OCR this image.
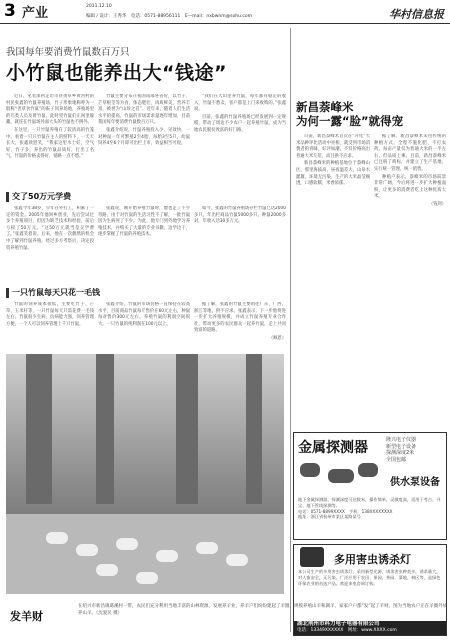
3 产业	2011.12.10
编辑 / 设计：王秀华　电话：0571-88956111　E—mail：nxbwnm@sohu.com	华村信息报
我国每年要消费竹鼠数百万只
小竹鼠也能养出大“钱途”

近日，笔者深初走访市县黄草乡黄河村的村民张鑫的竹鼠养殖场，竹子形象地称呼为一般称“善草食竹鼠”的畜子饲养场地，养殖场里的鸟类人员及黄竹鼠，此时里竹鼠们正闲里躲藏，就连在竹鼠场外面大头的竹鼠也不例外。

在这里，一只竹鼠养殖在了较清高的竹笼中。看着一只只竹鼠在主人的照料下，一天天长大，张鑫欣慰笑，“我家这里水土好，空气好，竹子多，养出的竹鼠品质好，打出了名气，竹鼠的价格卖得好，销路一点不愁。”

竹鼠主要分布在我国南部各省份，以竹子、芒草根茎等为食，体态肥壮，肉质鲜美，营养丰富，被誉为“山珍之首”。近年来，随着人们生活水平的提高，竹鼠的市场需求量逐年增加，目前我国每年要消费竹鼠数百万只。

张鑫介绍说，竹鼠养殖投入少、见效快，一对种鼠一年可繁殖2至4胎，每胎3至5只，幼鼠饲养4至6个月即可出栏上市，效益相当可观。

“我们在大山里养竹鼠，每年都有稳定的收入，竹鼠不愁卖，客户都是上门来收购的。”张鑫说。

目前，张鑫的竹鼠养殖场已经发展到一定规模，带动了周边不少农户一起养殖竹鼠，成为当地农民脱贫致富的好门路。

交了50万元学费

张鑫今年38岁，早年在外打工，积累了一定的资金。2005年他回乡创业，先后尝试过多个养殖项目，但因为缺乏技术和经验，前后亏损了50万元。“这50万元就当是交学费了。”张鑫笑着说。后来，他在一次偶然的机会中了解到竹鼠养殖，经过多方考察后，决定投资养殖竹鼠。

张鑫说，刚开始养殖竹鼠时，他也走了不少弯路，由于对竹鼠的生活习性不了解，一批竹鼠因为生病死了不少。为此，他专门到外地学习养殖技术，并购买了大量的专业书籍，边学边干，逐步掌握了竹鼠的养殖技术。

如今，张鑫的竹鼠养殖场存栏竹鼠已达2000多只，年出栏商品竹鼠5000多只，种鼠2000多对，年收入达30多万元。

一只竹鼠每天只花一毛钱

竹鼠的饲养成本很低，主要吃竹子、芒草、玉米秆等，一只竹鼠每天只需花费一毛钱左右。竹鼠很少生病，抗病能力强，饲养管理方便，一个人可以饲养管理上千只竹鼠。

张鑫介绍，竹鼠的市场价格一直保持在较高水平，目前商品竹鼠每斤售价在60元左右，种鼠每对售价300元左右。养殖竹鼠的利润空间很大，一只竹鼠的纯利润在100元以上。

据了解，张鑫的竹鼠主要销往广东、广西、浙江等地，供不应求。张鑫表示，下一步他将进一步扩大养殖规模，并成立竹鼠养殖专业合作社，带动更多的农民群众一起养竹鼠，走上共同致富的道路。

（顾恩）

新昌萘峰米
为何一露“脸”就得宠

日前，新昌萘峰米首次在“开化”大米品种评比活动中亮相，就受到市场消费者的青睐，好评如潮，不仅价格高出普通大米几倍，而且供不应求。

新昌萘峰米的种植基地位于萘峰山区，那里海拔高，昼夜温差大，山泉水灌溉，环境无污染，生产的大米晶莹剔透，口感软糯，米香浓郁。

据了解，新昌萘峰米采用传统的种植方式，全程不施化肥、不打农药，每亩产量仅为普通大米的一半左右，但品质上乘。目前，新昌萘峰米已注册了商标，并建立了生产基地，实行统一管理，统一销售。

种植户表示，萘峰米的市场前景非常广阔，今后将进一步扩大种植面积，让更多的消费者吃上这种优质大米。

（钱剑）

发羊财
在绍兴市新昌镇葛溪村一带，农民们充分利用当地丰富的山林资源，发展养羊业，养羊户们纷纷建起了羊圈，规模养殖山羊和湖羊，家家户户都“发”起了羊财。图为当地农户正在羊圈外放养山羊。（沈爱民 摄）
金属探测器	隆兴电子仪器
新型电子设备
探测深度2米
全国包邮
供水泵设备
地下金属探测器，探测深度可达数米，操作简单，灵敏度高，适用于考古、寻宝、地下管线探测等。
电话：0571-8899XXXX　手机：138XXXXXXXX
地址：浙江省杭州市某区某路某号
多用害虫诱杀灯
本公司生产的多用害虫诱杀灯，采用新型光源，诱杀害虫种类多，诱杀量大，对人畜安全，无污染。广泛应用于农田、果园、茶园、菜地、林区等，是绿色环保农业的首选产品。欢迎来电咨询订购。
湖北荆州市科力电子电器有限公司
电话：13349XXXXXX　网址：www.XXXX.com
